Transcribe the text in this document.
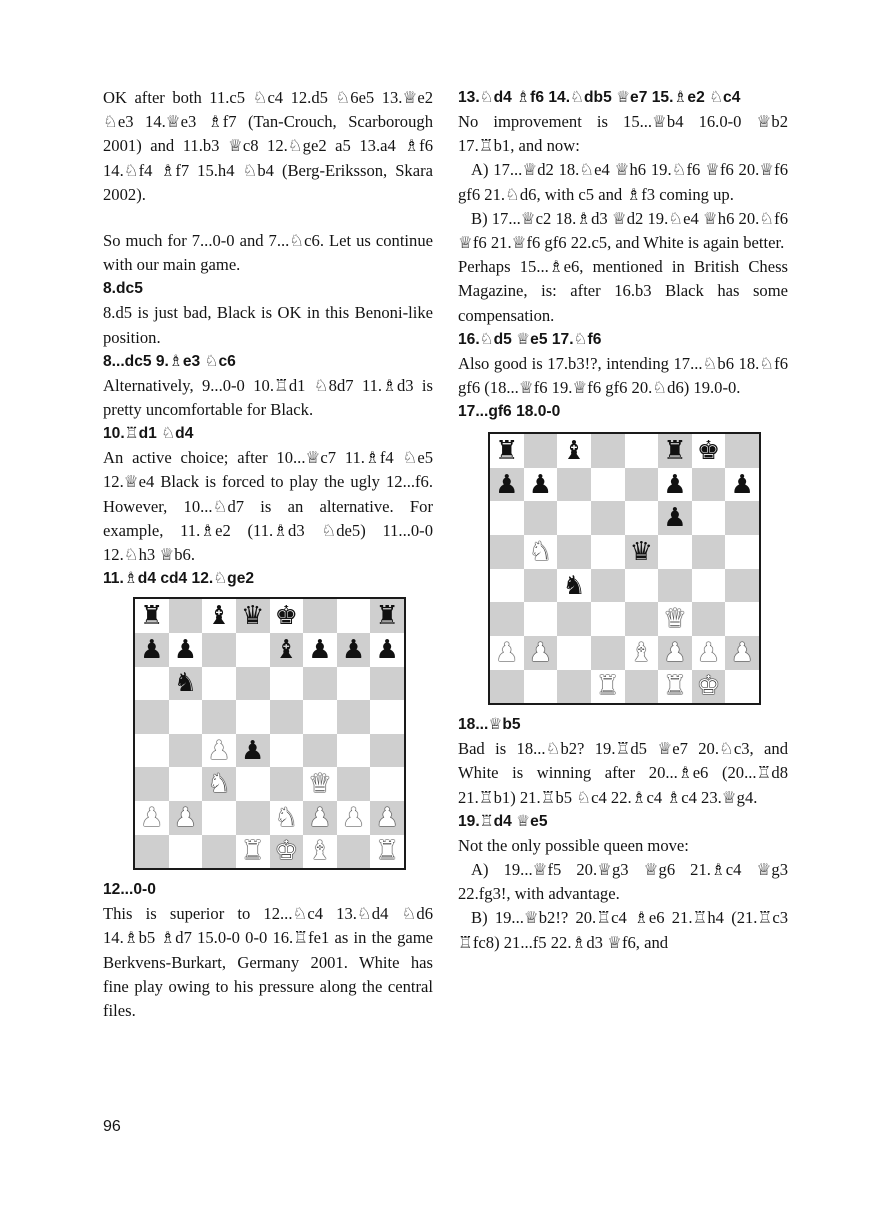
OK after both 11.c5 ♘c4 12.d5 ♘6e5 13.♕e2 ♘e3 14.♕e3 ♗f7 (Tan-Crouch, Scarborough 2001) and 11.b3 ♕c8 12.♘ge2 a5 13.a4 ♗f6 14.♘f4 ♗f7 15.h4 ♘b4 (Berg-Eriksson, Skara 2002).

So much for 7...0-0 and 7...♘c6. Let us continue with our main game.

8.dc5

8.d5 is just bad, Black is OK in this Benoni-like position.

8...dc5 9.♗e3 ♘c6

Alternatively, 9...0-0 10.♖d1 ♘8d7 11.♗d3 is pretty uncomfortable for Black.

10.♖d1 ♘d4

An active choice; after 10...♕c7 11.♗f4 ♘e5 12.♕e4 Black is forced to play the ugly 12...f6. However, 10...♘d7 is an alternative. For example, 11.♗e2 (11.♗d3 ♘de5) 11...0-0 12.♘h3 ♕b6.

11.♗d4 cd4 12.♘ge2

♜ ♝ ♛ ♚	♜
♟ ♟	♝ ♟ ♟ ♟
♞
♟ ♟
♞	♛
♟ ♟	♞ ♟ ♟ ♟
♜ ♚ ♝ ♜

12...0-0

This is superior to 12...♘c4 13.♘d4 ♘d6 14.♗b5 ♗d7 15.0-0 0-0 16.♖fe1 as in the game Berkvens-Burkart, Germany 2001. White has fine play owing to his pressure along the central files.

13.♘d4 ♗f6 14.♘db5 ♕e7 15.♗e2 ♘c4

No improvement is 15...♕b4 16.0-0 ♕b2 17.♖b1, and now:

A) 17...♕d2 18.♘e4 ♕h6 19.♘f6 ♕f6 20.♕f6 gf6 21.♘d6, with c5 and ♗f3 coming up.

B) 17...♕c2 18.♗d3 ♕d2 19.♘e4 ♕h6 20.♘f6 ♕f6 21.♕f6 gf6 22.c5, and White is again better.

Perhaps 15...♗e6, mentioned in British Chess Magazine, is: after 16.b3 Black has some compensation.

16.♘d5 ♕e5 17.♘f6

Also good is 17.b3!?, intending 17...♘b6 18.♘f6 gf6 (18...♕f6 19.♕f6 gf6 20.♘d6) 19.0-0.

17...gf6 18.0-0

♜ ♝	♜ ♚
♟ ♟	♟ ♟
♟
♞	♛
♞
♛
♟ ♟	♝ ♟ ♟ ♟
♜ ♜ ♚

18...♕b5

Bad is 18...♘b2? 19.♖d5 ♕e7 20.♘c3, and White is winning after 20...♗e6 (20...♖d8 21.♖b1) 21.♖b5 ♘c4 22.♗c4 ♗c4 23.♕g4.

19.♖d4 ♕e5

Not the only possible queen move:

A) 19...♕f5 20.♕g3 ♕g6 21.♗c4 ♕g3 22.fg3!, with advantage.

B) 19...♕b2!? 20.♖c4 ♗e6 21.♖h4 (21.♖c3 ♖fc8) 21...f5 22.♗d3 ♕f6, and

96
